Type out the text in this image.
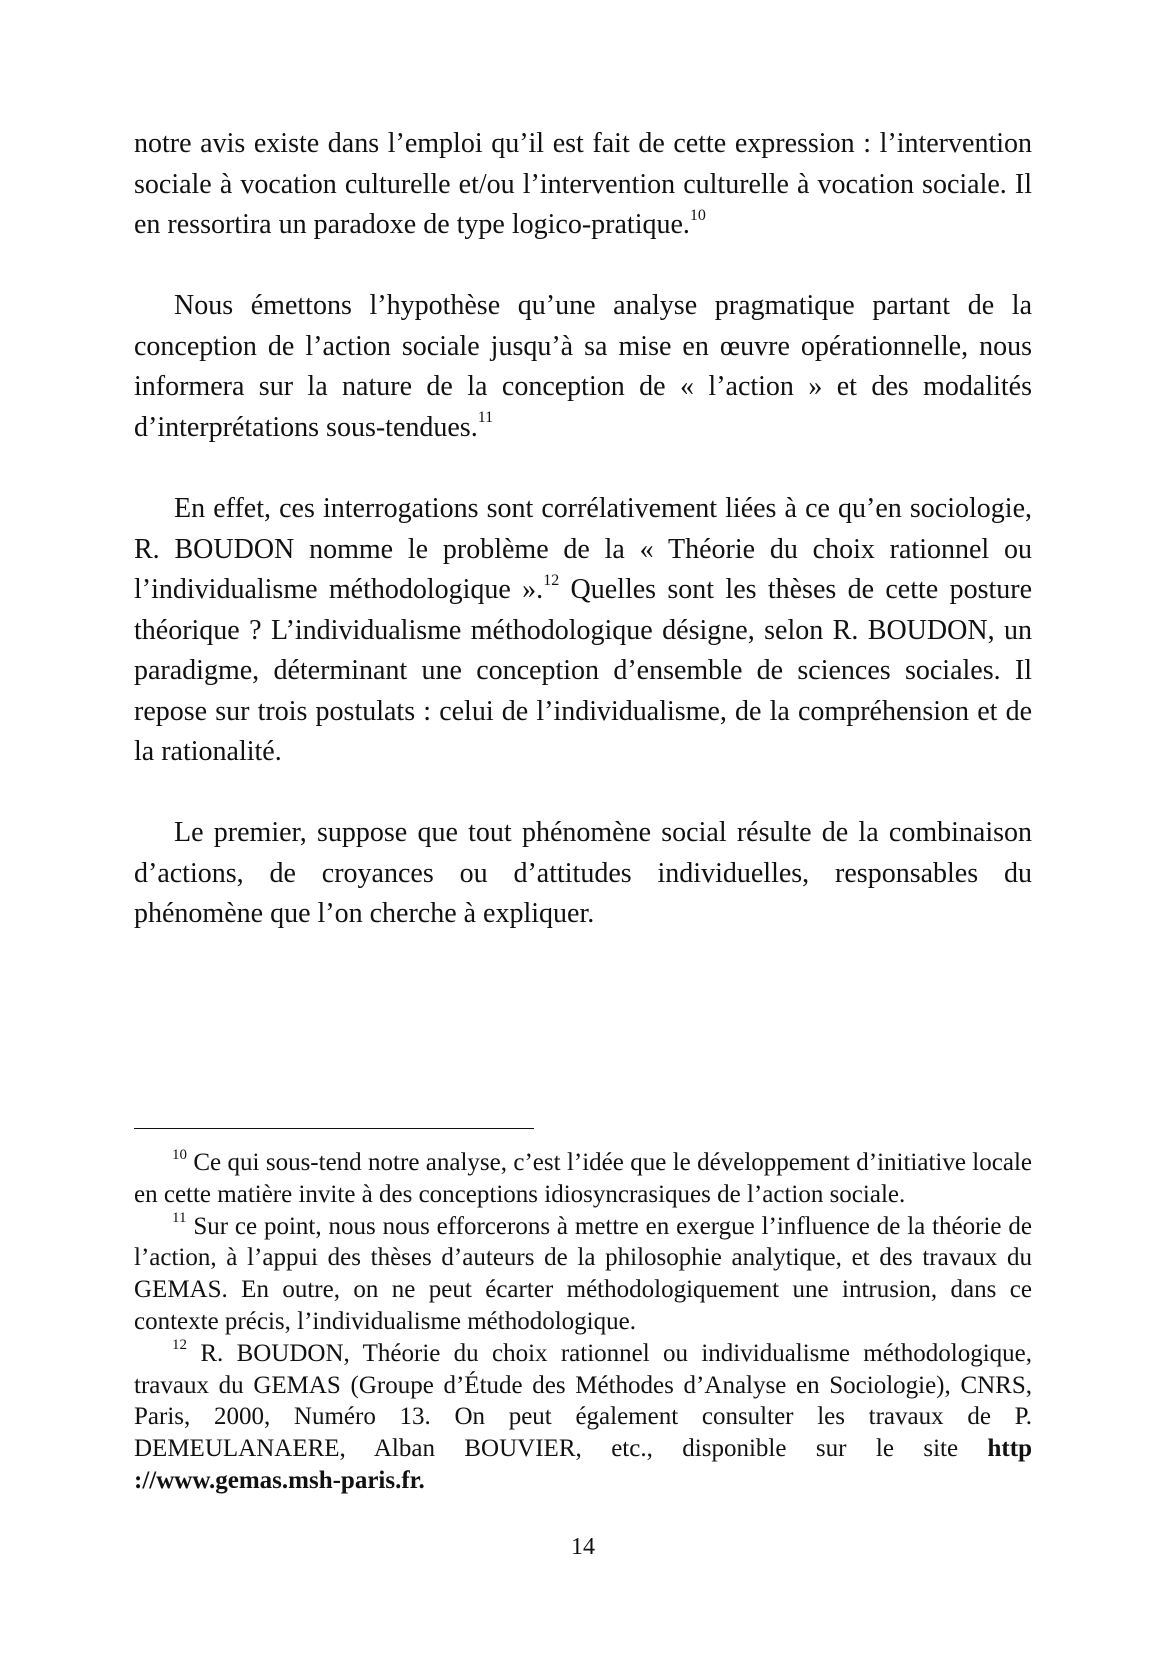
notre avis existe dans l’emploi qu’il est fait de cette expression : l’intervention sociale à vocation culturelle et/ou l’intervention culturelle à vocation sociale. Il en ressortira un paradoxe de type logico-pratique.$^{10}$

Nous émettons l’hypothèse qu’une analyse pragmatique partant de la conception de l’action sociale jusqu’à sa mise en œuvre opérationnelle, nous informera sur la nature de la conception de « l’action » et des modalités d’interprétations sous-tendues.$^{11}$

En effet, ces interrogations sont corrélativement liées à ce qu’en sociologie, R. BOUDON nomme le problème de la « Théorie du choix rationnel ou l’individualisme méthodologique ».$^{12}$ Quelles sont les thèses de cette posture théorique ? L’individualisme méthodologique désigne, selon R. BOUDON, un paradigme, déterminant une conception d’ensemble de sciences sociales. Il repose sur trois postulats : celui de l’individualisme, de la compréhension et de la rationalité.

Le premier, suppose que tout phénomène social résulte de la combinaison d’actions, de croyances ou d’attitudes individuelles, responsables du phénomène que l’on cherche à expliquer.

$^{10}$ Ce qui sous-tend notre analyse, c’est l’idée que le développement d’initiative locale en cette matière invite à des conceptions idiosyncrasiques de l’action sociale.

$^{11}$ Sur ce point, nous nous efforcerons à mettre en exergue l’influence de la théorie de l’action, à l’appui des thèses d’auteurs de la philosophie analytique, et des travaux du GEMAS. En outre, on ne peut écarter méthodologiquement une intrusion, dans ce contexte précis, l’individualisme méthodologique.

$^{12}$ R. BOUDON, Théorie du choix rationnel ou individualisme méthodologique, travaux du GEMAS (Groupe d’Étude des Méthodes d’Analyse en Sociologie), CNRS, Paris, 2000, Numéro 13. On peut également consulter les travaux de P. DEMEULANAERE, Alban BOUVIER, etc., disponible sur le site http ://www.gemas.msh-paris.fr.

14
